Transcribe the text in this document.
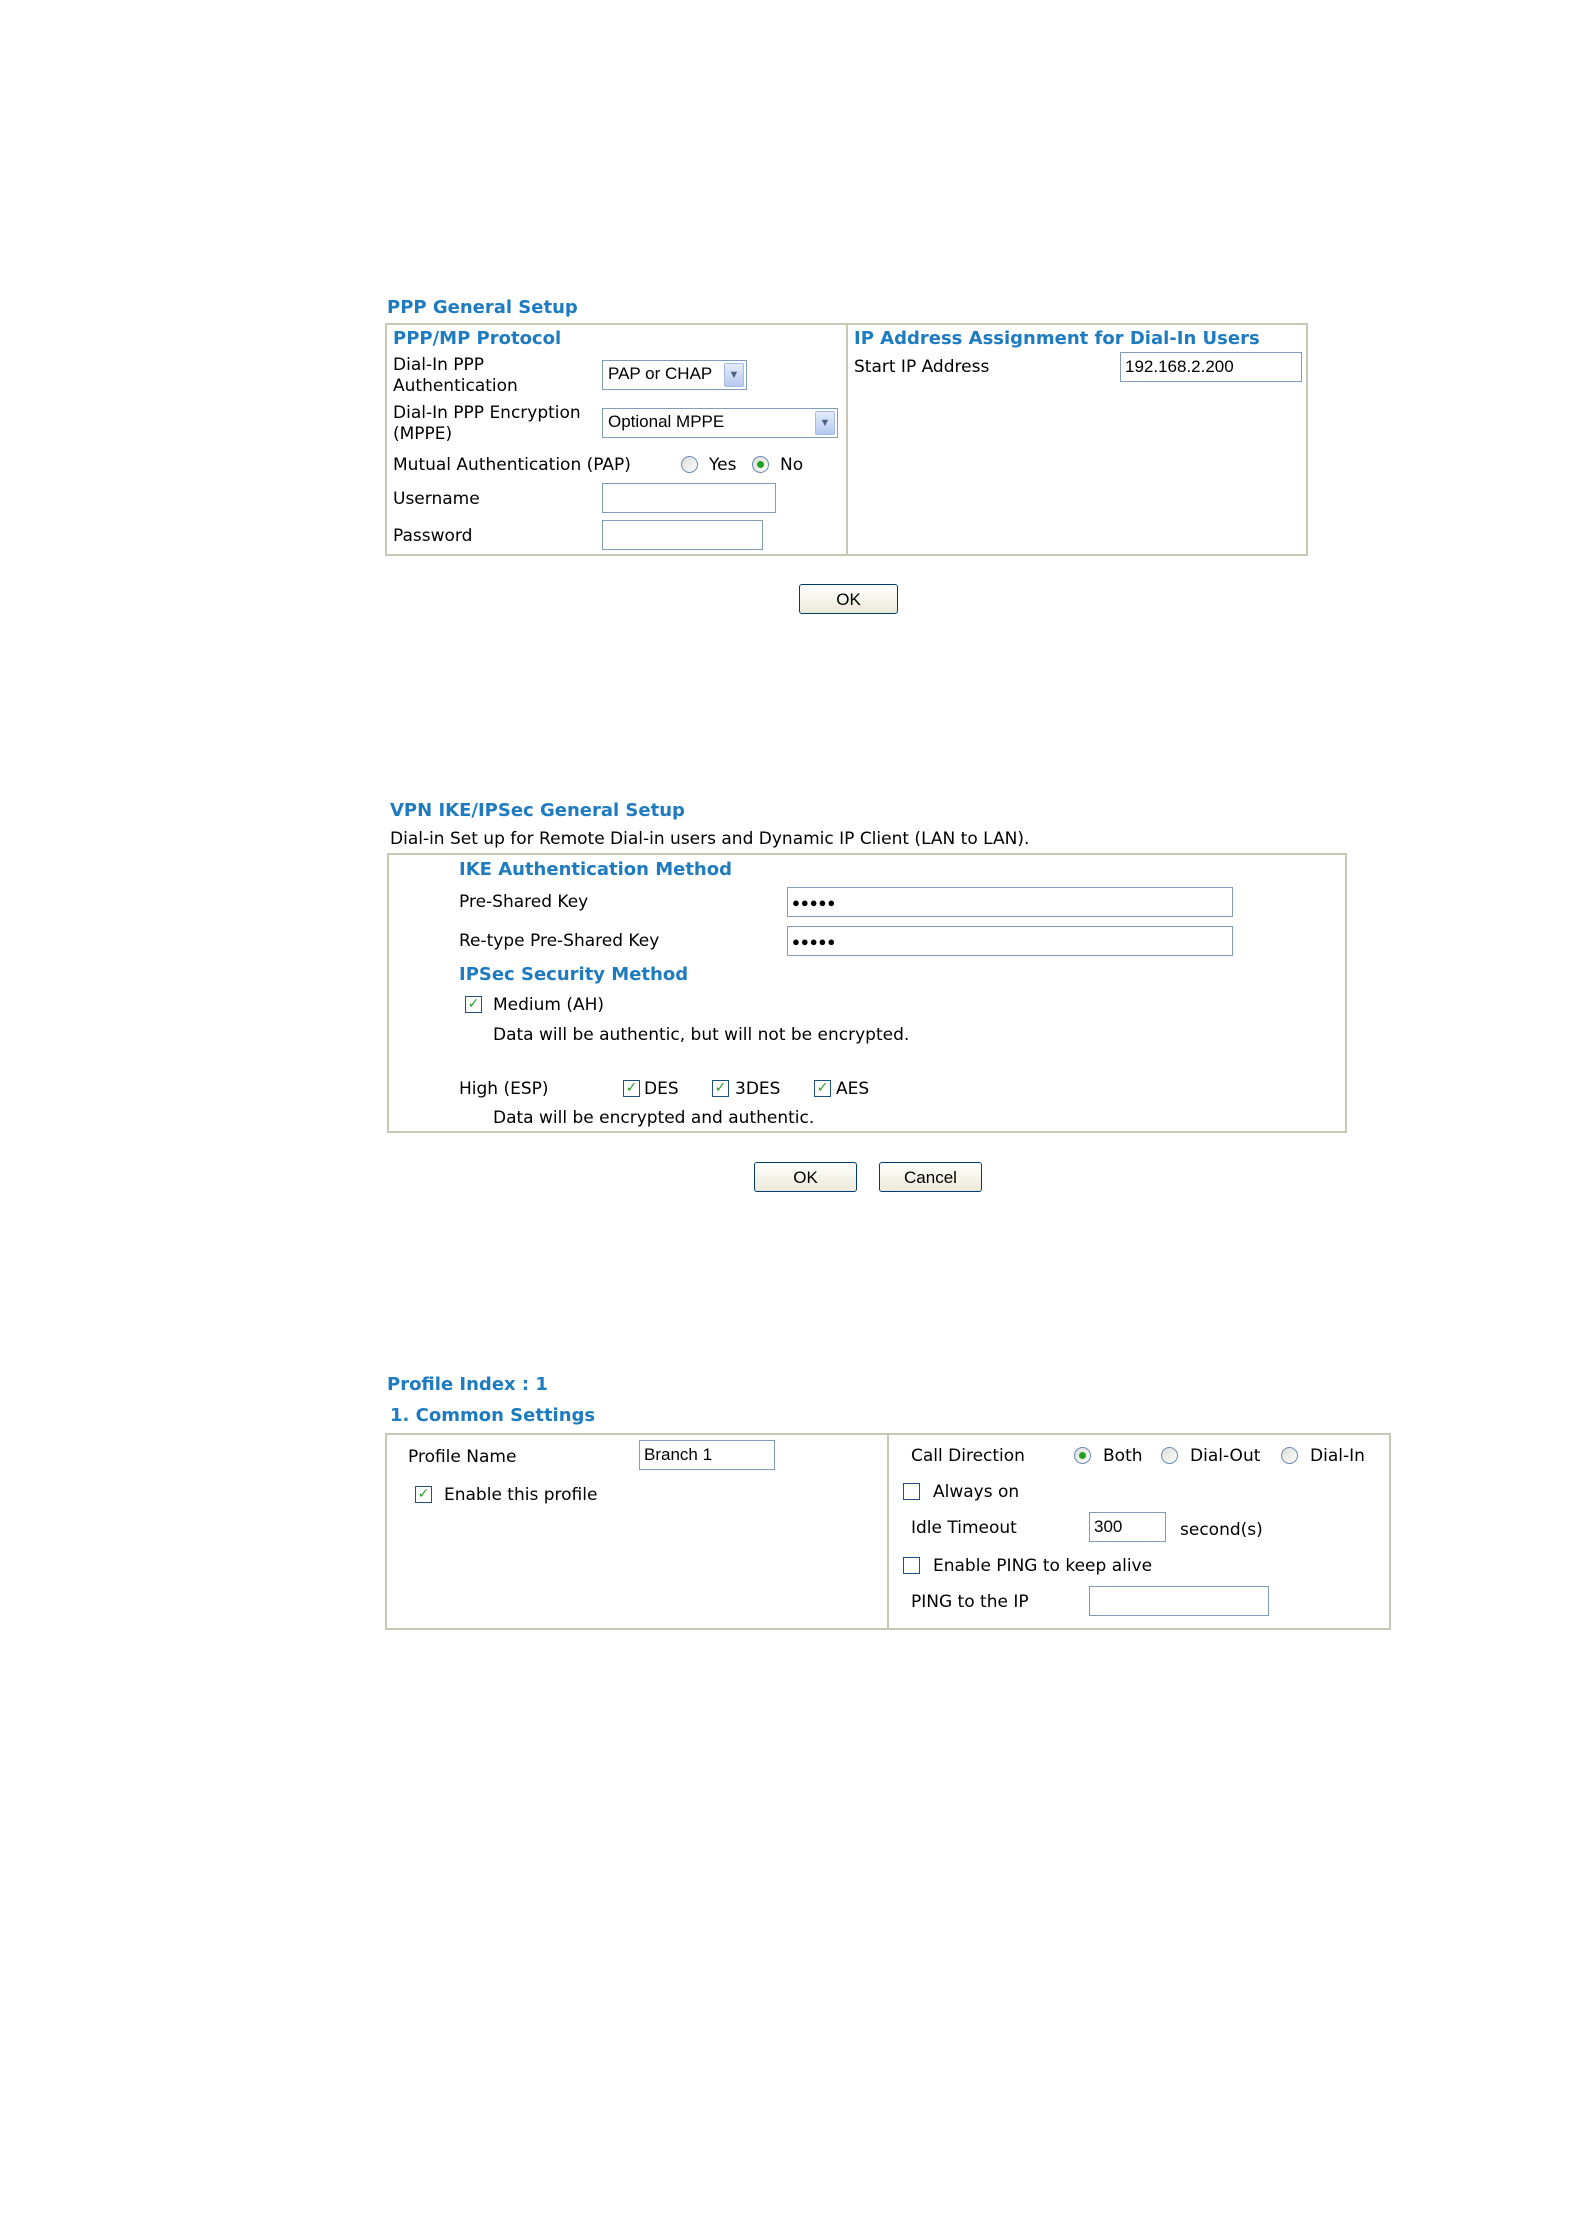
PPP General Setup
PPP/MP Protocol
Dial-In PPP
Authentication
PAP or CHAP	▼
Dial-In PPP Encryption
(MPPE)
Optional MPPE	▼
Mutual Authentication (PAP)	Yes	No
Username
Password
IP Address Assignment for Dial-In Users
Start IP Address	192.168.2.200
OK
VPN IKE/IPSec General Setup
Dial-in Set up for Remote Dial-in users and Dynamic IP Client (LAN to LAN).
IKE Authentication Method
Pre-Shared Key	●●●●●
Re-type Pre-Shared Key	●●●●●
IPSec Security Method
✓ Medium (AH)
Data will be authentic, but will not be encrypted.
High (ESP)	✓ DES	✓ 3DES	✓ AES
Data will be encrypted and authentic.
OK	Cancel
Profile Index : 1
1. Common Settings
Profile Name	Branch 1
✓ Enable this profile
Call Direction	Both	Dial-Out	Dial-In
Always on
Idle Timeout	300	second(s)
Enable PING to keep alive
PING to the IP
